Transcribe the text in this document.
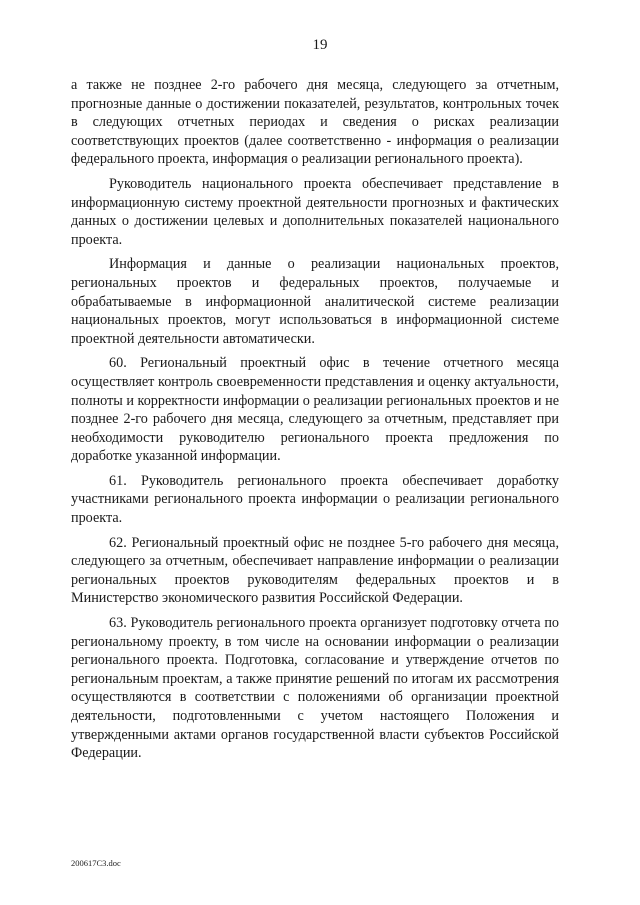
19

а также не позднее 2-го рабочего дня месяца, следующего за отчетным, прогнозные данные о достижении показателей, результатов, контрольных точек в следующих отчетных периодах и сведения о рисках реализации соответствующих проектов (далее соответственно - информация о реализации федерального проекта, информация о реализации регионального проекта).

Руководитель национального проекта обеспечивает представление в информационную систему проектной деятельности прогнозных и фактических данных о достижении целевых и дополнительных показателей национального проекта.

Информация и данные о реализации национальных проектов, региональных проектов и федеральных проектов, получаемые и обрабатываемые в информационной аналитической системе реализации национальных проектов, могут использоваться в информационной системе проектной деятельности автоматически.

60. Региональный проектный офис в течение отчетного месяца осуществляет контроль своевременности представления и оценку актуальности, полноты и корректности информации о реализации региональных проектов и не позднее 2-го рабочего дня месяца, следующего за отчетным, представляет при необходимости руководителю регионального проекта предложения по доработке указанной информации.

61. Руководитель регионального проекта обеспечивает доработку участниками регионального проекта информации о реализации регионального проекта.

62. Региональный проектный офис не позднее 5-го рабочего дня месяца, следующего за отчетным, обеспечивает направление информации о реализации региональных проектов руководителям федеральных проектов и в Министерство экономического развития Российской Федерации.

63. Руководитель регионального проекта организует подготовку отчета по региональному проекту, в том числе на основании информации о реализации регионального проекта. Подготовка, согласование и утверждение отчетов по региональным проектам, а также принятие решений по итогам их рассмотрения осуществляются в соответствии с положениями об организации проектной деятельности, подготовленными с учетом настоящего Положения и утвержденными актами органов государственной власти субъектов Российской Федерации.

200617С3.doc
